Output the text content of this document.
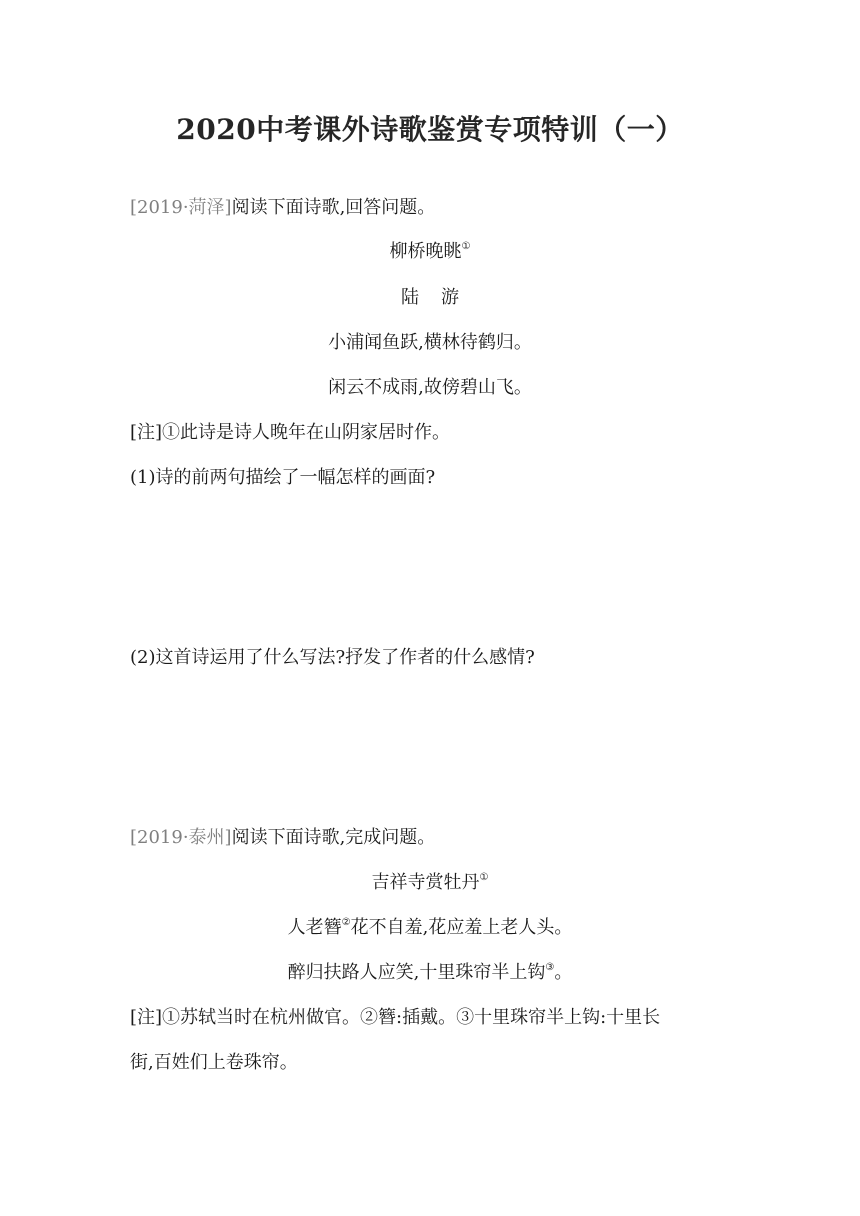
2020中考课外诗歌鉴赏专项特训（一）
[2019·菏泽]阅读下面诗歌,回答问题。
柳桥晚眺①
陆 游
小浦闻鱼跃,横林待鹤归。
闲云不成雨,故傍碧山飞。
[注]①此诗是诗人晚年在山阴家居时作。
(1)诗的前两句描绘了一幅怎样的画面?
(2)这首诗运用了什么写法?抒发了作者的什么感情?
[2019·泰州]阅读下面诗歌,完成问题。
吉祥寺赏牡丹①
人老簪②花不自羞,花应羞上老人头。
醉归扶路人应笑,十里珠帘半上钩③。
[注]①苏轼当时在杭州做官。②簪:插戴。③十里珠帘半上钩:十里长
街,百姓们上卷珠帘。
